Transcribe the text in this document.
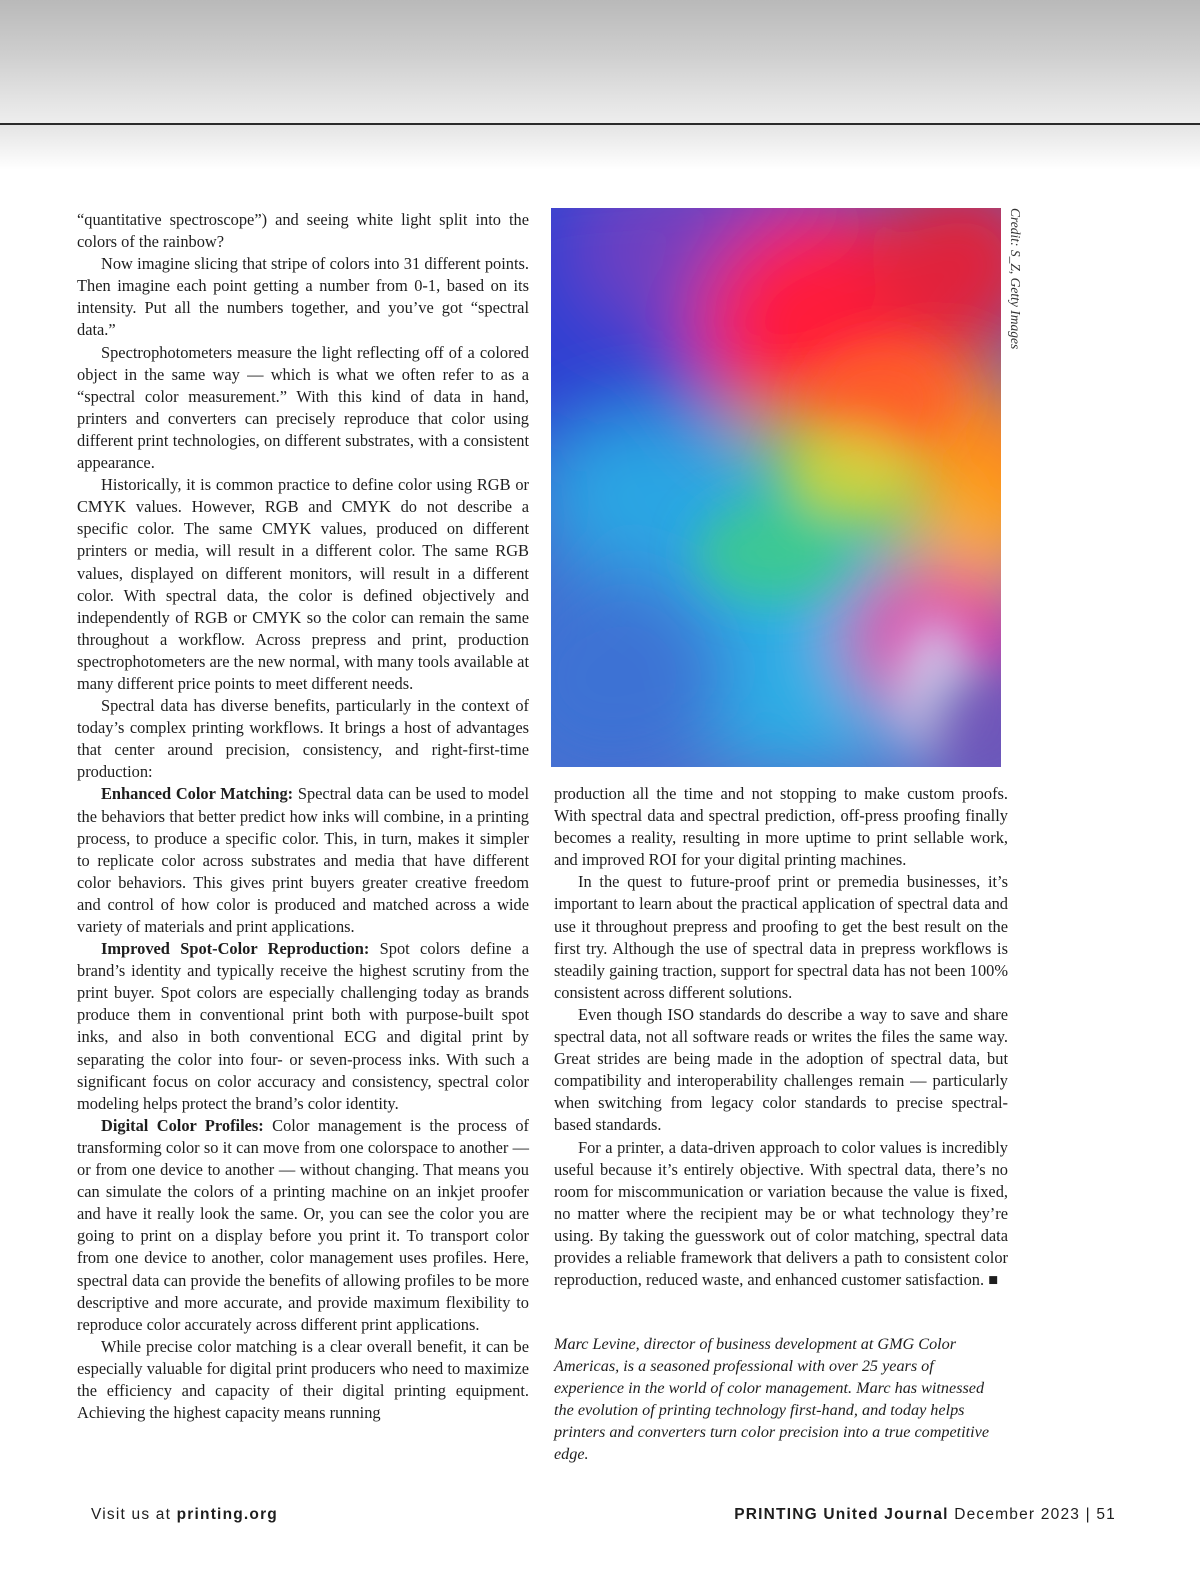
“quantitative spectroscope”) and seeing white light split into the colors of the rainbow?

Now imagine slicing that stripe of colors into 31 different points. Then imagine each point getting a number from 0-1, based on its intensity. Put all the numbers together, and you’ve got “spectral data.”

Spectrophotometers measure the light reflecting off of a colored object in the same way — which is what we often refer to as a “spectral color measurement.” With this kind of data in hand, printers and converters can precisely reproduce that color using different print technologies, on different substrates, with a consistent appearance.

Historically, it is common practice to define color using RGB or CMYK values. However, RGB and CMYK do not describe a specific color. The same CMYK values, produced on different printers or media, will result in a different color. The same RGB values, displayed on different monitors, will result in a different color. With spectral data, the color is defined objectively and independently of RGB or CMYK so the color can remain the same throughout a workflow. Across prepress and print, production spectrophotometers are the new normal, with many tools available at many different price points to meet different needs.

Spectral data has diverse benefits, particularly in the context of today’s complex printing workflows. It brings a host of advantages that center around precision, consistency, and right-first-time production:

Enhanced Color Matching: Spectral data can be used to model the behaviors that better predict how inks will combine, in a printing process, to produce a specific color. This, in turn, makes it simpler to replicate color across substrates and media that have different color behaviors. This gives print buyers greater creative freedom and control of how color is produced and matched across a wide variety of materials and print applications.

Improved Spot-Color Reproduction: Spot colors define a brand’s identity and typically receive the highest scrutiny from the print buyer. Spot colors are especially challenging today as brands produce them in conventional print both with purpose-built spot inks, and also in both conventional ECG and digital print by separating the color into four- or seven-process inks. With such a significant focus on color accuracy and consistency, spectral color modeling helps protect the brand’s color identity.

Digital Color Profiles: Color management is the process of transforming color so it can move from one colorspace to another — or from one device to another — without changing. That means you can simulate the colors of a printing machine on an inkjet proofer and have it really look the same. Or, you can see the color you are going to print on a display before you print it. To transport color from one device to another, color management uses profiles. Here, spectral data can provide the benefits of allowing profiles to be more descriptive and more accurate, and provide maximum flexibility to reproduce color accurately across different print applications.

While precise color matching is a clear overall benefit, it can be especially valuable for digital print producers who need to maximize the efficiency and capacity of their digital printing equipment. Achieving the highest capacity means running

Credit: S_Z, Getty Images

production all the time and not stopping to make custom proofs. With spectral data and spectral prediction, off-press proofing finally becomes a reality, resulting in more uptime to print sellable work, and improved ROI for your digital printing machines.

In the quest to future-proof print or premedia businesses, it’s important to learn about the practical application of spectral data and use it throughout prepress and proofing to get the best result on the first try. Although the use of spectral data in prepress workflows is steadily gaining traction, support for spectral data has not been 100% consistent across different solutions.

Even though ISO standards do describe a way to save and share spectral data, not all software reads or writes the files the same way. Great strides are being made in the adoption of spectral data, but compatibility and interoperability challenges remain — particularly when switching from legacy color standards to precise spectral-based standards.

For a printer, a data-driven approach to color values is incredibly useful because it’s entirely objective. With spectral data, there’s no room for miscommunication or variation because the value is fixed, no matter where the recipient may be or what technology they’re using. By taking the guesswork out of color matching, spectral data provides a reliable framework that delivers a path to consistent color reproduction, reduced waste, and enhanced customer satisfaction. ■

Marc Levine, director of business development at GMG Color Americas, is a seasoned professional with over 25 years of experience in the world of color management. Marc has witnessed the evolution of printing technology first-hand, and today helps printers and converters turn color precision into a true competitive edge.
Visit us at printing.org	PRINTING United Journal December 2023 | 51
